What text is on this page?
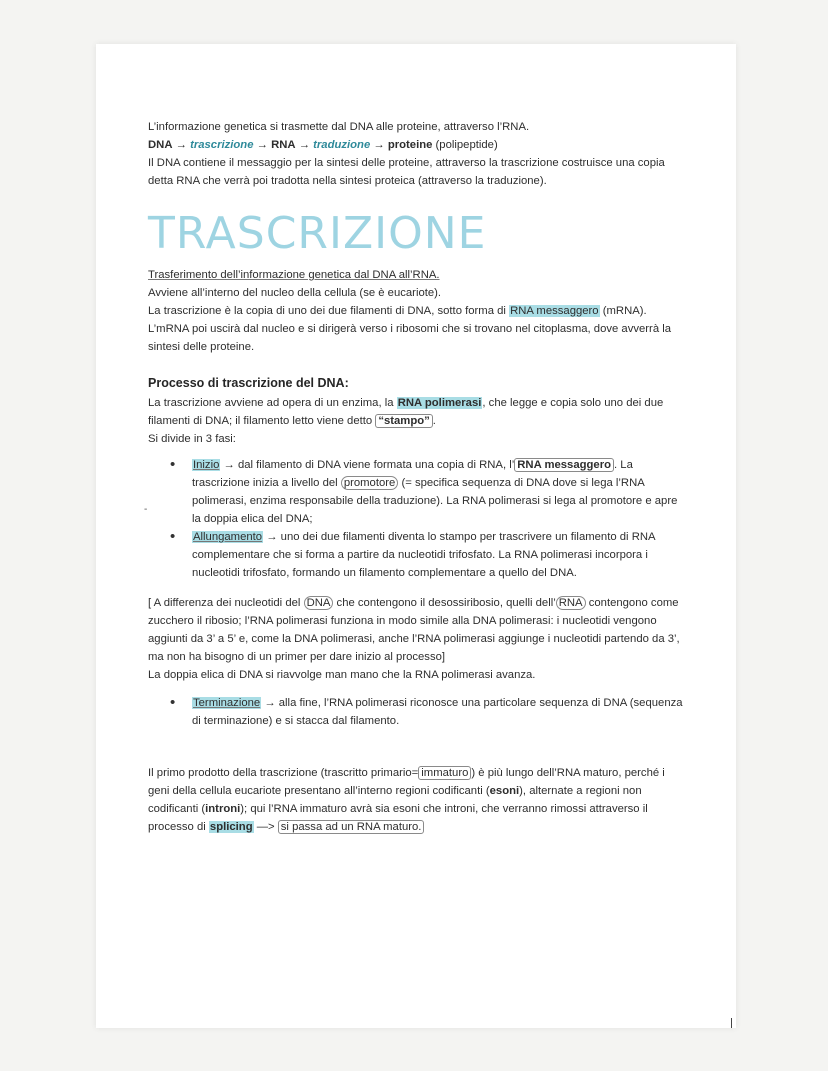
L’informazione genetica si trasmette dal DNA alle proteine, attraverso l’RNA.

DNA → trascrizione → RNA → traduzione → proteine (polipeptide)

Il DNA contiene il messaggio per la sintesi delle proteine, attraverso la trascrizione costruisce una copia detta RNA che verrà poi tradotta nella sintesi proteica (attraverso la traduzione).

TRASCRIZIONE

Trasferimento dell’informazione genetica dal DNA all’RNA.

Avviene all’interno del nucleo della cellula (se è eucariote).

La trascrizione è la copia di uno dei due filamenti di DNA, sotto forma di RNA messaggero (mRNA).

L’mRNA poi uscirà dal nucleo e si dirigerà verso i ribosomi che si trovano nel citoplasma, dove avverrà la sintesi delle proteine.

Processo di trascrizione del DNA:

La trascrizione avviene ad opera di un enzima, la RNA polimerasi, che legge e copia solo uno dei due filamenti di DNA; il filamento letto viene detto “stampo” .

Si divide in 3 fasi:

-
• Inizio → dal filamento di DNA viene formata una copia di RNA, l’ RNA messaggero . La trascrizione inizia a livello del promotore (= specifica sequenza di DNA dove si lega l’RNA polimerasi, enzima responsabile della traduzione). La RNA polimerasi si lega al promotore e apre la doppia elica del DNA;
• Allungamento → uno dei due filamenti diventa lo stampo per trascrivere un filamento di RNA complementare che si forma a partire da nucleotidi trifosfato. La RNA polimerasi incorpora i nucleotidi trifosfato, formando un filamento complementare a quello del DNA.

[ A differenza dei nucleotidi del DNA che contengono il desossiribosio, quelli dell’ RNA contengono come zucchero il ribosio; l’RNA polimerasi funziona in modo simile alla DNA polimerasi: i nucleotidi vengono aggiunti da 3’ a 5’ e, come la DNA polimerasi, anche l’RNA polimerasi aggiunge i nucleotidi partendo da 3’, ma non ha bisogno di un primer per dare inizio al processo]

La doppia elica di DNA si riavvolge man mano che la RNA polimerasi avanza.

• Terminazione → alla fine, l’RNA polimerasi riconosce una particolare sequenza di DNA (sequenza di terminazione) e si stacca dal filamento.

Il primo prodotto della trascrizione (trascritto primario= immaturo ) è più lungo dell’RNA maturo, perché i geni della cellula eucariote presentano all’interno regioni codificanti (esoni), alternate a regioni non codificanti (introni); qui l’RNA immaturo avrà sia esoni che introni, che verranno rimossi attraverso il processo di splicing —> si passa ad un RNA maturo.
